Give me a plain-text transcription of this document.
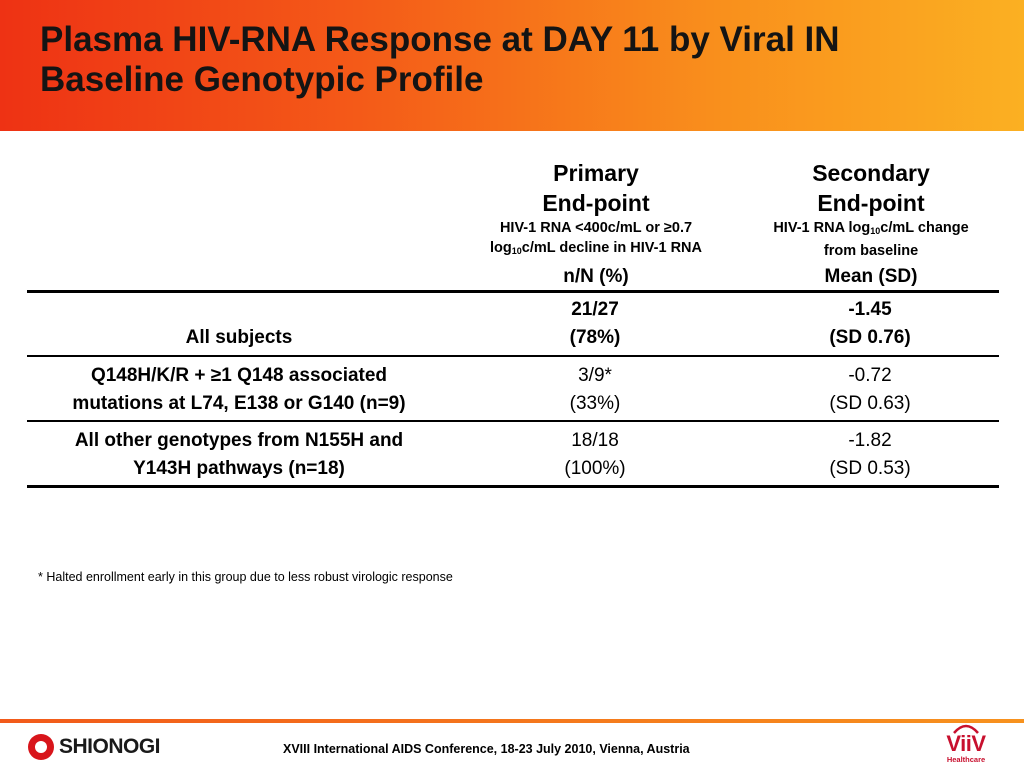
Plasma HIV-RNA Response at DAY 11 by Viral IN
Baseline Genotypic Profile
Primary
End-point
HIV-1 RNA <400c/mL or ≥0.7
$\log_{10}c/mL$ decline in HIV-1 RNA
n/N (%)
Secondary
End-point
HIV-1 RNA $\log_{10}c/mL$ change
from baseline
Mean (SD)
All subjects
21/27
(78%)
-1.45
(SD 0.76)
Q148H/K/R + ≥1 Q148 associated
mutations at L74, E138 or G140 (n=9)
3/9*
(33%)
-0.72
(SD 0.63)
All other genotypes from N155H and
Y143H pathways (n=18)
18/18
(100%)
-1.82
(SD 0.53)
* Halted enrollment early in this group due to less robust virologic response
SHIONOGI	XVIII International AIDS Conference, 18-23 July 2010, Vienna, Austria	ViiV
Healthcare
